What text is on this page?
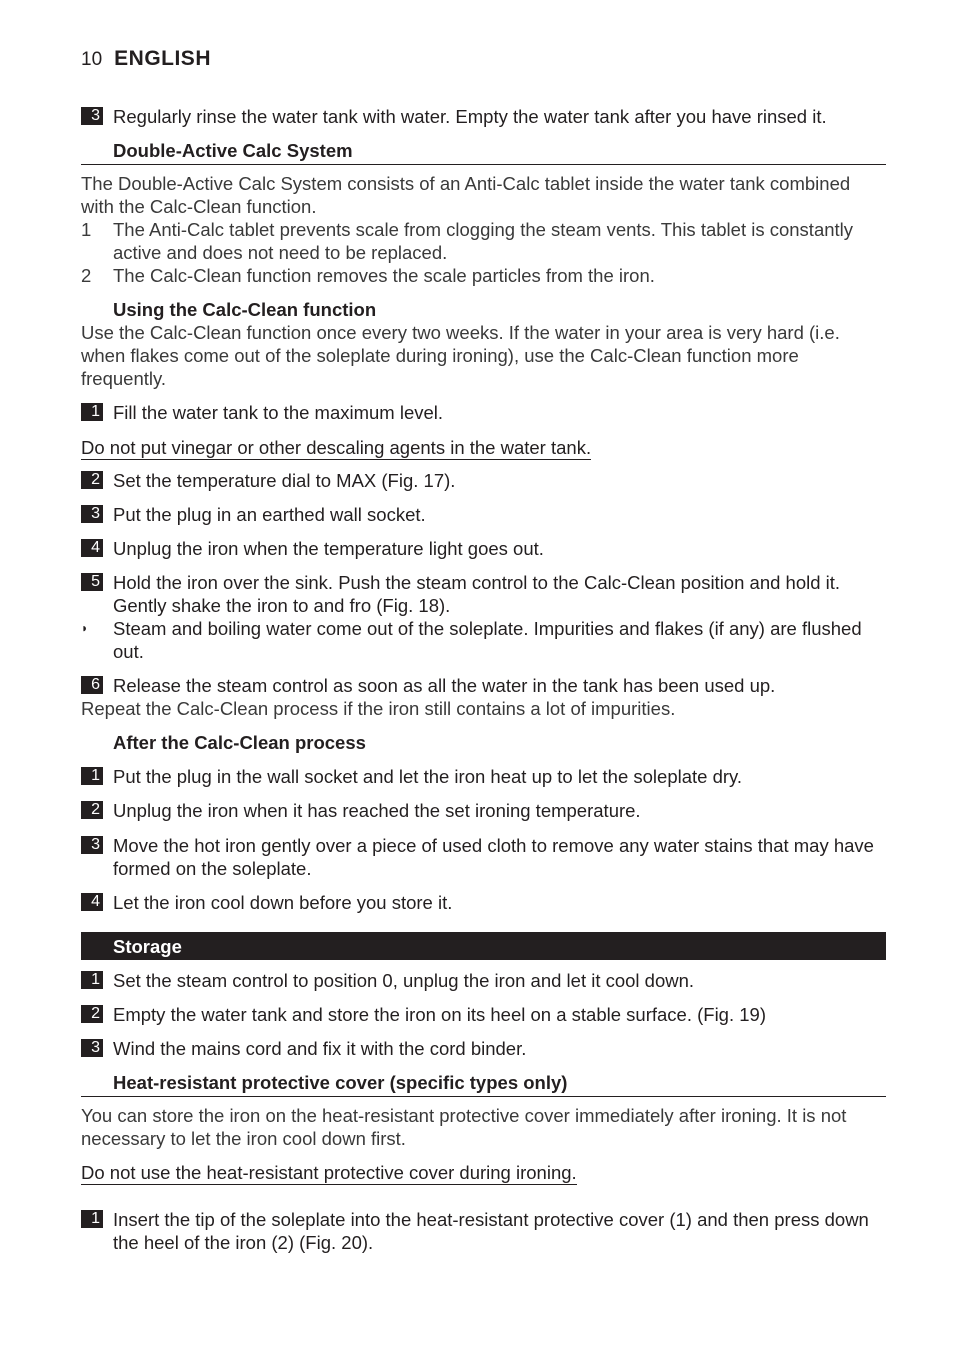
10 ENGLISH
3 Regularly rinse the water tank with water. Empty the water tank after you have rinsed it.
Double-Active Calc System
The Double-Active Calc System consists of an Anti-Calc tablet inside the water tank combined with the Calc-Clean function.
1	The Anti-Calc tablet prevents scale from clogging the steam vents. This tablet is constantly active and does not need to be replaced.
2	The Calc-Clean function removes the scale particles from the iron.
Using the Calc-Clean function
Use the Calc-Clean function once every two weeks. If the water in your area is very hard (i.e. when flakes come out of the soleplate during ironing), use the Calc-Clean function more frequently.
1 Fill the water tank to the maximum level.
Do not put vinegar or other descaling agents in the water tank.
2 Set the temperature dial to MAX (Fig. 17).
3 Put the plug in an earthed wall socket.
4 Unplug the iron when the temperature light goes out.
5 Hold the iron over the sink. Push the steam control to the Calc-Clean position and hold it. Gently shake the iron to and fro (Fig. 18).
◗	Steam and boiling water come out of the soleplate. Impurities and flakes (if any) are flushed out.
6 Release the steam control as soon as all the water in the tank has been used up.
Repeat the Calc-Clean process if the iron still contains a lot of impurities.
After the Calc-Clean process
1 Put the plug in the wall socket and let the iron heat up to let the soleplate dry.
2 Unplug the iron when it has reached the set ironing temperature.
3 Move the hot iron gently over a piece of used cloth to remove any water stains that may have formed on the soleplate.
4 Let the iron cool down before you store it.
Storage
1 Set the steam control to position 0, unplug the iron and let it cool down.
2 Empty the water tank and store the iron on its heel on a stable surface. (Fig. 19)
3 Wind the mains cord and fix it with the cord binder.
Heat-resistant protective cover (specific types only)
You can store the iron on the heat-resistant protective cover immediately after ironing. It is not necessary to let the iron cool down first.
Do not use the heat-resistant protective cover during ironing.
1 Insert the tip of the soleplate into the heat-resistant protective cover (1) and then press down the heel of the iron (2) (Fig. 20).
